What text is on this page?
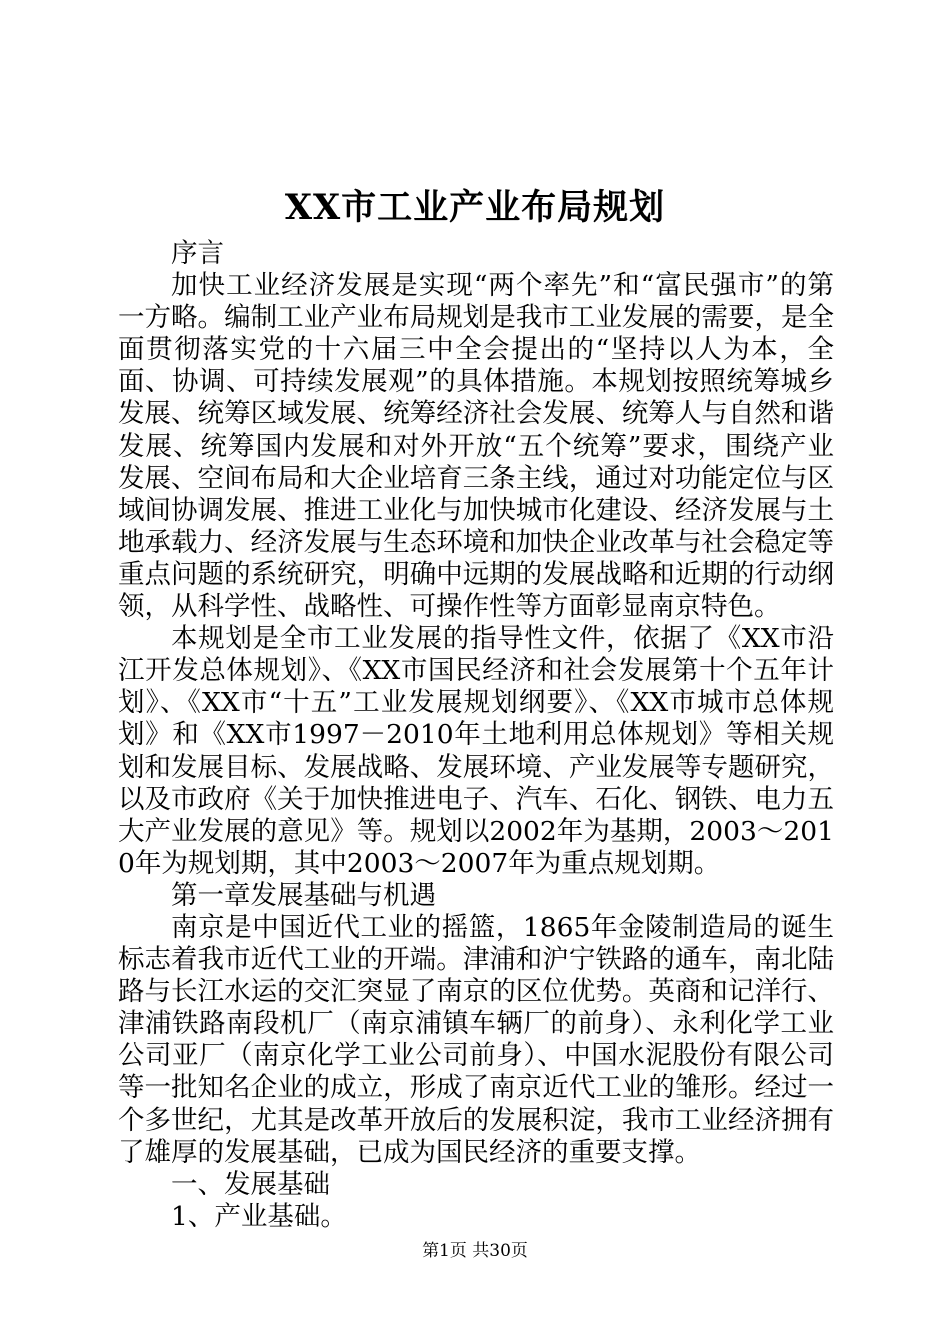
XX市工业产业布局规划

序言

加快工业经济发展是实现“两个率先”和“富民强市”的第一方略。编制工业产业布局规划是我市工业发展的需要，是全面贯彻落实党的十六届三中全会提出的“坚持以人为本，全面、协调、可持续发展观”的具体措施。本规划按照统筹城乡发展、统筹区域发展、统筹经济社会发展、统筹人与自然和谐发展、统筹国内发展和对外开放“五个统筹”要求，围绕产业发展、空间布局和大企业培育三条主线，通过对功能定位与区域间协调发展、推进工业化与加快城市化建设、经济发展与土地承载力、经济发展与生态环境和加快企业改革与社会稳定等重点问题的系统研究，明确中远期的发展战略和近期的行动纲领，从科学性、战略性、可操作性等方面彰显南京特色。

本规划是全市工业发展的指导性文件，依据了《XX市沿江开发总体规划》、《XX市国民经济和社会发展第十个五年计划》、《XX市“十五”工业发展规划纲要》、《XX市城市总体规划》和《XX市1997－2010年土地利用总体规划》等相关规划和发展目标、发展战略、发展环境、产业发展等专题研究，以及市政府《关于加快推进电子、汽车、石化、钢铁、电力五大产业发展的意见》等。规划以2002年为基期，2003～2010年为规划期，其中2003～2007年为重点规划期。

第一章发展基础与机遇

南京是中国近代工业的摇篮，1865年金陵制造局的诞生标志着我市近代工业的开端。津浦和沪宁铁路的通车，南北陆路与长江水运的交汇突显了南京的区位优势。英商和记洋行、津浦铁路南段机厂（南京浦镇车辆厂的前身）、永利化学工业公司亚厂（南京化学工业公司前身）、中国水泥股份有限公司等一批知名企业的成立，形成了南京近代工业的雏形。经过一个多世纪，尤其是改革开放后的发展积淀，我市工业经济拥有了雄厚的发展基础，已成为国民经济的重要支撑。

一、发展基础

1、产业基础。

第1页 共30页
